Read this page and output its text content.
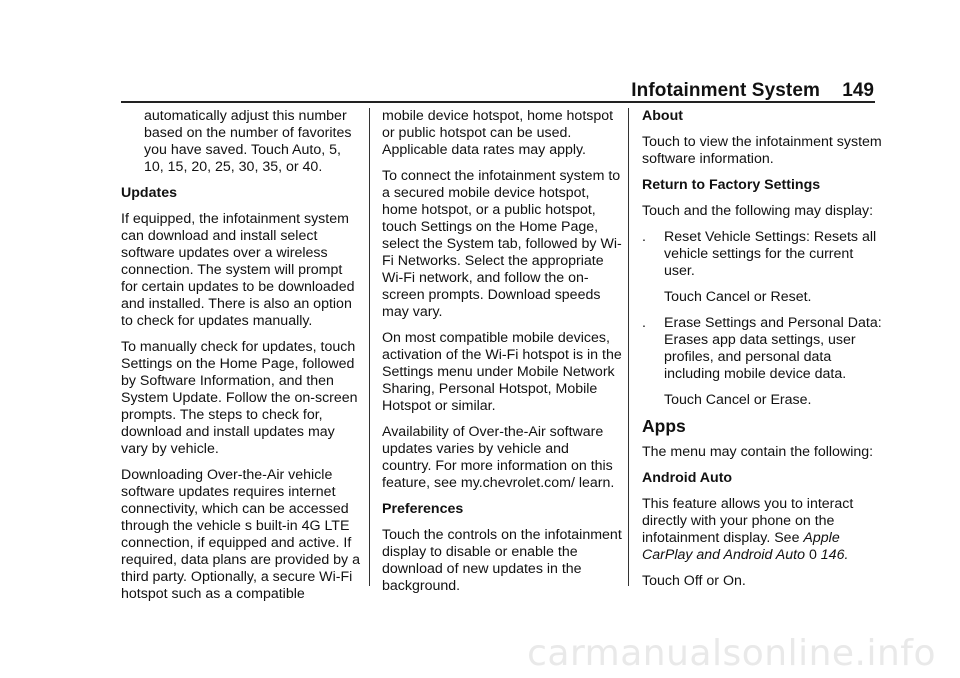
Infotainment System 149

automatically adjust this number based on the number of favorites you have saved. Touch Auto, 5, 10, 15, 20, 25, 30, 35, or 40.

Updates

If equipped, the infotainment system can download and install select software updates over a wireless connection. The system will prompt for certain updates to be downloaded and installed. There is also an option to check for updates manually.

To manually check for updates, touch Settings on the Home Page, followed by Software Information, and then System Update. Follow the on-screen prompts. The steps to check for, download and install updates may vary by vehicle.

Downloading Over-the-Air vehicle software updates requires internet connectivity, which can be accessed through the vehicle s built-in 4G LTE connection, if equipped and active. If required, data plans are provided by a third party. Optionally, a secure Wi-Fi hotspot such as a compatible

mobile device hotspot, home hotspot or public hotspot can be used. Applicable data rates may apply.

To connect the infotainment system to a secured mobile device hotspot, home hotspot, or a public hotspot, touch Settings on the Home Page, select the System tab, followed by Wi-Fi Networks. Select the appropriate Wi-Fi network, and follow the on-screen prompts. Download speeds may vary.

On most compatible mobile devices, activation of the Wi-Fi hotspot is in the Settings menu under Mobile Network Sharing, Personal Hotspot, Mobile Hotspot or similar.

Availability of Over-the-Air software updates varies by vehicle and country. For more information on this feature, see my.chevrolet.com/ learn.

Preferences

Touch the controls on the infotainment display to disable or enable the download of new updates in the background.

About

Touch to view the infotainment system software information.

Return to Factory Settings

Touch and the following may display:

. Reset Vehicle Settings: Resets all vehicle settings for the current user.

Touch Cancel or Reset.

. Erase Settings and Personal Data: Erases app data settings, user profiles, and personal data including mobile device data.

Touch Cancel or Erase.

Apps

The menu may contain the following:

Android Auto

This feature allows you to interact directly with your phone on the infotainment display. See Apple CarPlay and Android Auto 0 146.

Touch Off or On.

carmanualsonline.info
